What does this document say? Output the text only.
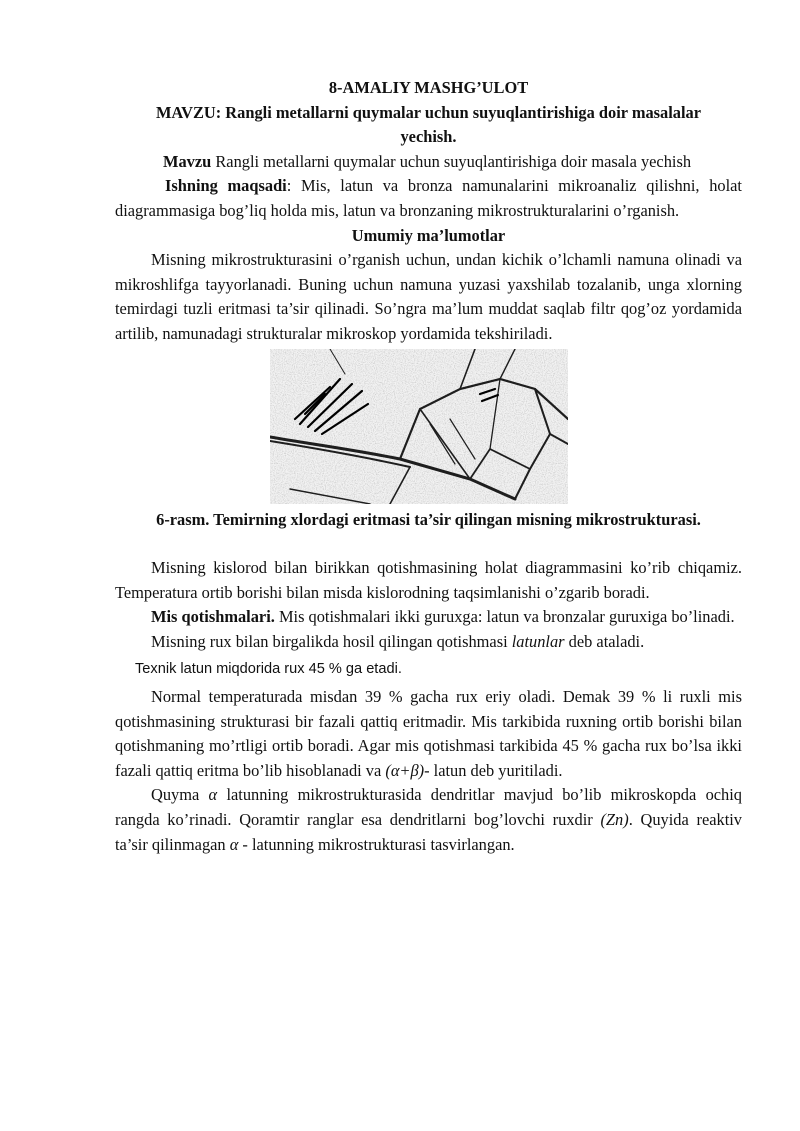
8-AMALIY MASHG’ULOT

MAVZU: Rangli metallarni quymalar uchun suyuqlantirishiga doir masalalar yechish.

Mavzu Rangli metallarni quymalar uchun suyuqlantirishiga doir masala yechish

Ishning maqsadi: Mis, latun va bronza namunalarini mikroanaliz qilishni, holat diagrammasiga bog’liq holda mis, latun va bronzaning mikrostrukturalarini o’rganish.

Umumiy ma’lumotlar

Misning mikrostrukturasini o’rganish uchun, undan kichik o’lchamli namuna olinadi va mikroshlifga tayyorlanadi. Buning uchun namuna yuzasi yaxshilab tozalanib, unga xlorning temirdagi tuzli eritmasi ta’sir qilinadi. So’ngra ma’lum muddat saqlab filtr qog’oz yordamida artilib, namunadagi strukturalar mikroskop yordamida tekshiriladi.

6-rasm. Temirning xlordagi eritmasi ta’sir qilingan misning mikrostrukturasi.

Misning kislorod bilan birikkan qotishmasining holat diagrammasini ko’rib chiqamiz. Temperatura ortib borishi bilan misda kislorodning taqsimlanishi o’zgarib boradi.

Mis qotishmalari. Mis qotishmalari ikki guruxga: latun va bronzalar guruxiga bo’linadi.

Misning rux bilan birgalikda hosil qilingan qotishmasi latunlar deb ataladi.

Texnik latun miqdorida rux 45 % ga etadi.

Normal temperaturada misdan 39 % gacha rux eriy oladi. Demak 39 % li ruxli mis qotishmasining strukturasi bir fazali qattiq eritmadir. Mis tarkibida ruxning ortib borishi bilan qotishmaning mo’rtligi ortib boradi. Agar mis qotishmasi tarkibida 45 % gacha rux bo’lsa ikki fazali qattiq eritma bo’lib hisoblanadi va (α+β)- latun deb yuritiladi.

Quyma α latunning mikrostrukturasida dendritlar mavjud bo’lib mikroskopda ochiq rangda ko’rinadi. Qoramtir ranglar esa dendritlarni bog’lovchi ruxdir (Zn). Quyida reaktiv ta’sir qilinmagan α - latunning mikrostrukturasi tasvirlangan.
